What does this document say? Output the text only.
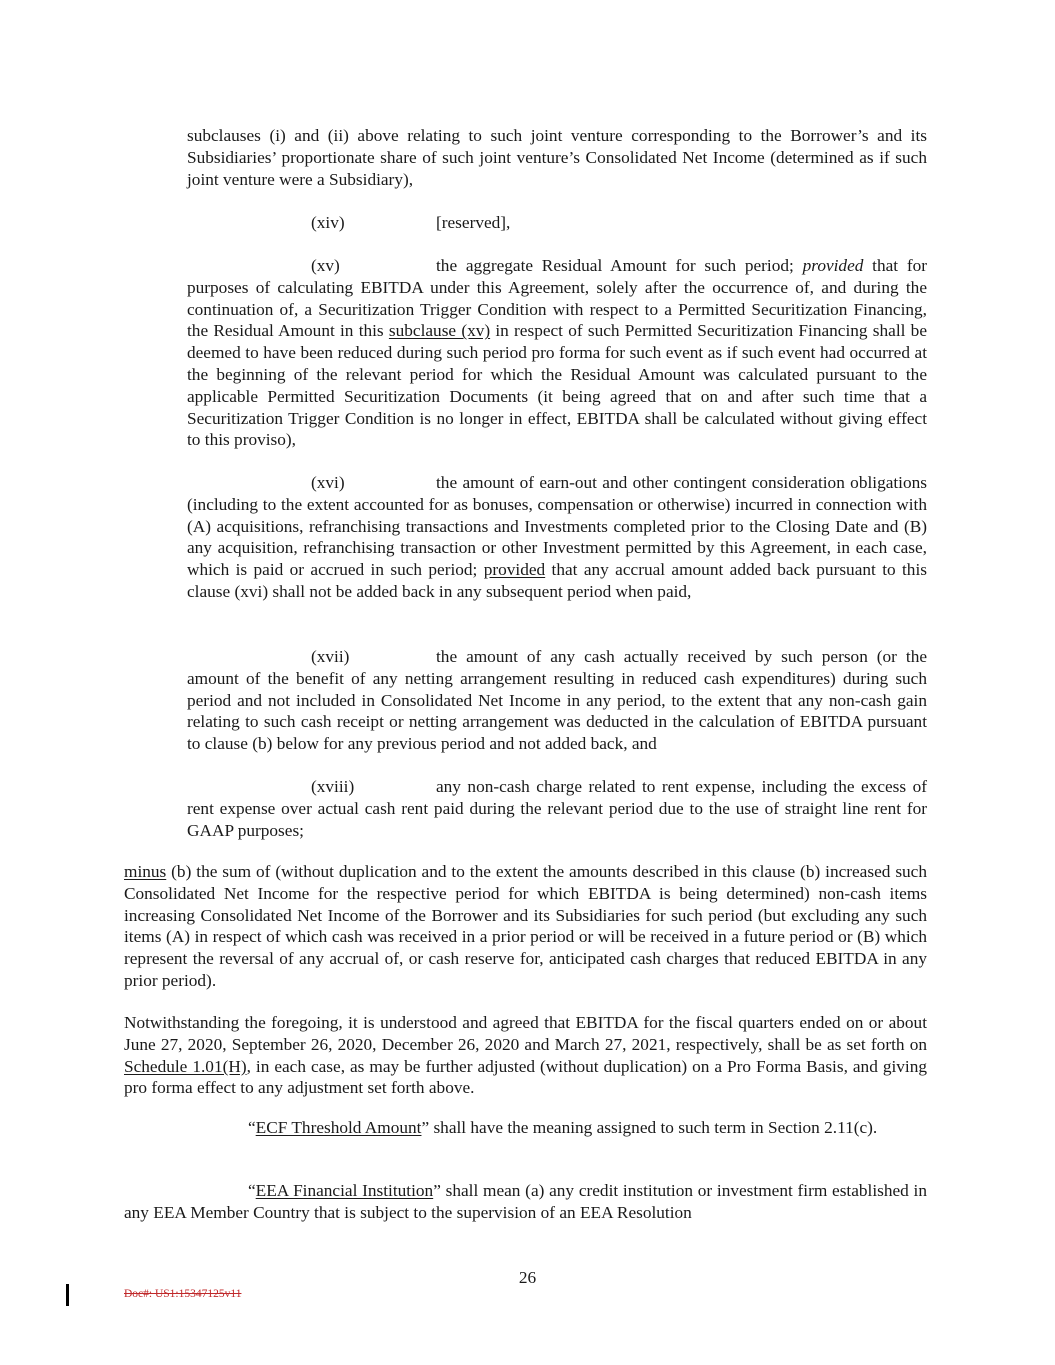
subclauses (i) and (ii) above relating to such joint venture corresponding to the Borrower’s and its Subsidiaries’ proportionate share of such joint venture’s Consolidated Net Income (determined as if such joint venture were a Subsidiary),

(xiv)	[reserved],

(xv)	the aggregate Residual Amount for such period; provided that for purposes of calculating EBITDA under this Agreement, solely after the occurrence of, and during the continuation of, a Securitization Trigger Condition with respect to a Permitted Securitization Financing, the Residual Amount in this subclause (xv) in respect of such Permitted Securitization Financing shall be deemed to have been reduced during such period pro forma for such event as if such event had occurred at the beginning of the relevant period for which the Residual Amount was calculated pursuant to the applicable Permitted Securitization Documents (it being agreed that on and after such time that a Securitization Trigger Condition is no longer in effect, EBITDA shall be calculated without giving effect to this proviso),

(xvi)	the amount of earn-out and other contingent consideration obligations (including to the extent accounted for as bonuses, compensation or otherwise) incurred in connection with (A) acquisitions, refranchising transactions and Investments completed prior to the Closing Date and (B) any acquisition, refranchising transaction or other Investment permitted by this Agreement, in each case, which is paid or accrued in such period; provided that any accrual amount added back pursuant to this clause (xvi) shall not be added back in any subsequent period when paid,

(xvii)	the amount of any cash actually received by such person (or the amount of the benefit of any netting arrangement resulting in reduced cash expenditures) during such period and not included in Consolidated Net Income in any period, to the extent that any non-cash gain relating to such cash receipt or netting arrangement was deducted in the calculation of EBITDA pursuant to clause (b) below for any previous period and not added back, and

(xviii)	any non-cash charge related to rent expense, including the excess of rent expense over actual cash rent paid during the relevant period due to the use of straight line rent for GAAP purposes;

minus (b) the sum of (without duplication and to the extent the amounts described in this clause (b) increased such Consolidated Net Income for the respective period for which EBITDA is being determined) non-cash items increasing Consolidated Net Income of the Borrower and its Subsidiaries for such period (but excluding any such items (A) in respect of which cash was received in a prior period or will be received in a future period or (B) which represent the reversal of any accrual of, or cash reserve for, anticipated cash charges that reduced EBITDA in any prior period).

Notwithstanding the foregoing, it is understood and agreed that EBITDA for the fiscal quarters ended on or about June 27, 2020, September 26, 2020, December 26, 2020 and March 27, 2021, respectively, shall be as set forth on Schedule 1.01(H), in each case, as may be further adjusted (without duplication) on a Pro Forma Basis, and giving pro forma effect to any adjustment set forth above.

“ECF Threshold Amount” shall have the meaning assigned to such term in Section 2.11(c).

“EEA Financial Institution” shall mean (a) any credit institution or investment firm established in any EEA Member Country that is subject to the supervision of an EEA Resolution

26
Doc#: US1:15347125v11
